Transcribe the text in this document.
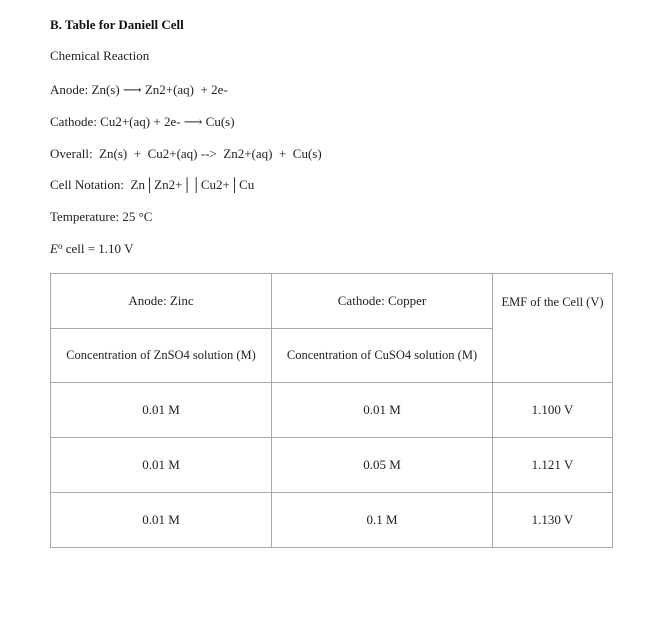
B. Table for Daniell Cell
Chemical Reaction
Anode: Zn(s) ⟶ Zn2+(aq)  + 2e-
Cathode: Cu2+(aq) + 2e- ⟶ Cu(s)
Overall:  Zn(s)  +  Cu2+(aq) -->  Zn2+(aq)  +  Cu(s)
Cell Notation:  Zn│Zn2+││Cu2+│Cu
Temperature: 25 °C
$E^o$ cell = 1.10 V
Anode: Zinc	Cathode: Copper	EMF of the Cell (V)
Concentration of ZnSO4 solution (M)	Concentration of CuSO4 solution (M)	
0.01 M	0.01 M	1.100 V
0.01 M	0.05 M	1.121 V
0.01 M	0.1 M	1.130 V
